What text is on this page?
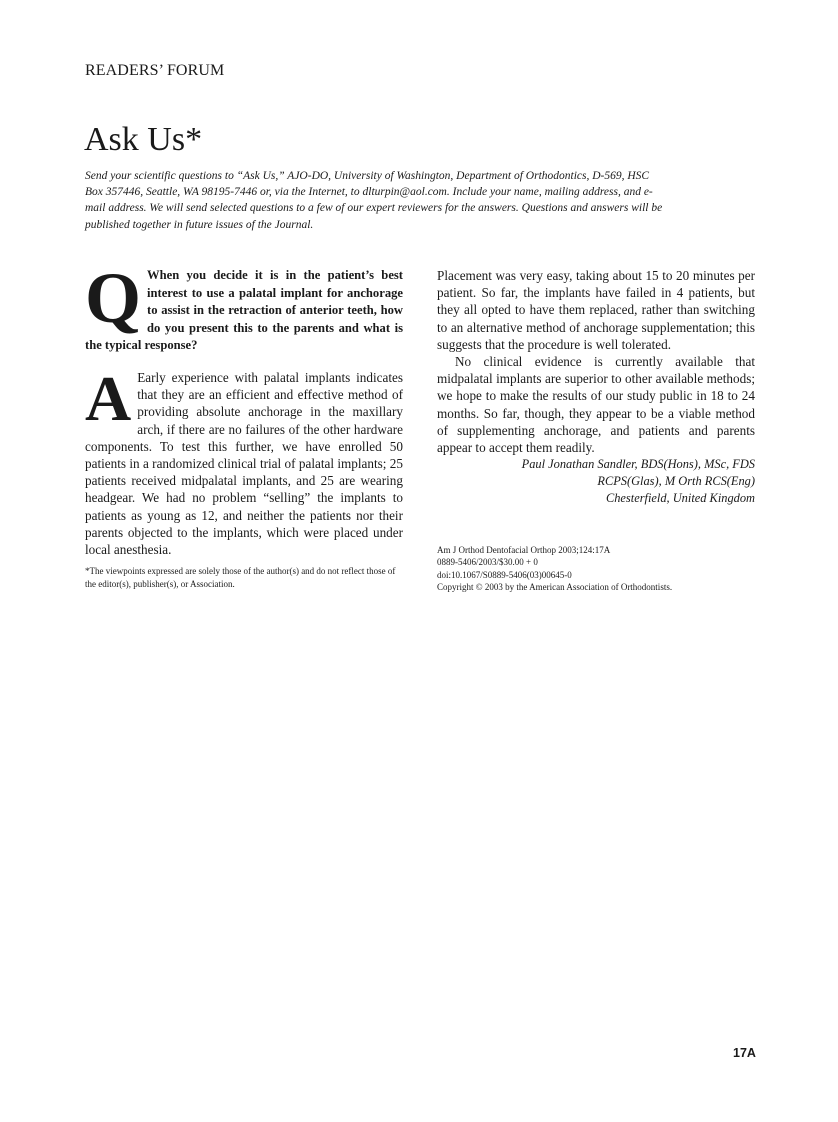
READERS’ FORUM
Ask Us*
Send your scientific questions to “Ask Us,” AJO-DO, University of Washington, Department of Orthodontics, D-569, HSC Box 357446, Seattle, WA 98195-7446 or, via the Internet, to dlturpin@aol.com. Include your name, mailing address, and e-mail address. We will send selected questions to a few of our expert reviewers for the answers. Questions and answers will be published together in future issues of the Journal.
Q When you decide it is in the patient’s best interest to use a palatal implant for anchorage to assist in the retraction of anterior teeth, how do you present this to the parents and what is the typical response?
A Early experience with palatal implants indicates that they are an efficient and effective method of providing absolute anchorage in the maxillary arch, if there are no failures of the other hardware components. To test this further, we have enrolled 50 patients in a randomized clinical trial of palatal implants; 25 patients received midpalatal implants, and 25 are wearing headgear. We had no problem “selling” the implants to patients as young as 12, and neither the patients nor their parents objected to the implants, which were placed under local anesthesia.
*The viewpoints expressed are solely those of the author(s) and do not reflect those of the editor(s), publisher(s), or Association.

Placement was very easy, taking about 15 to 20 minutes per patient. So far, the implants have failed in 4 patients, but they all opted to have them replaced, rather than switching to an alternative method of anchorage supplementation; this suggests that the procedure is well tolerated.

No clinical evidence is currently available that midpalatal implants are superior to other available methods; we hope to make the results of our study public in 18 to 24 months. So far, though, they appear to be a viable method of supplementing anchorage, and patients and parents appear to accept them readily.

Paul Jonathan Sandler, BDS(Hons), MSc, FDS
RCPS(Glas), M Orth RCS(Eng)
Chesterfield, United Kingdom
Am J Orthod Dentofacial Orthop 2003;124:17A
0889-5406/2003/$30.00 + 0
doi:10.1067/S0889-5406(03)00645-0
Copyright © 2003 by the American Association of Orthodontists.
17A
